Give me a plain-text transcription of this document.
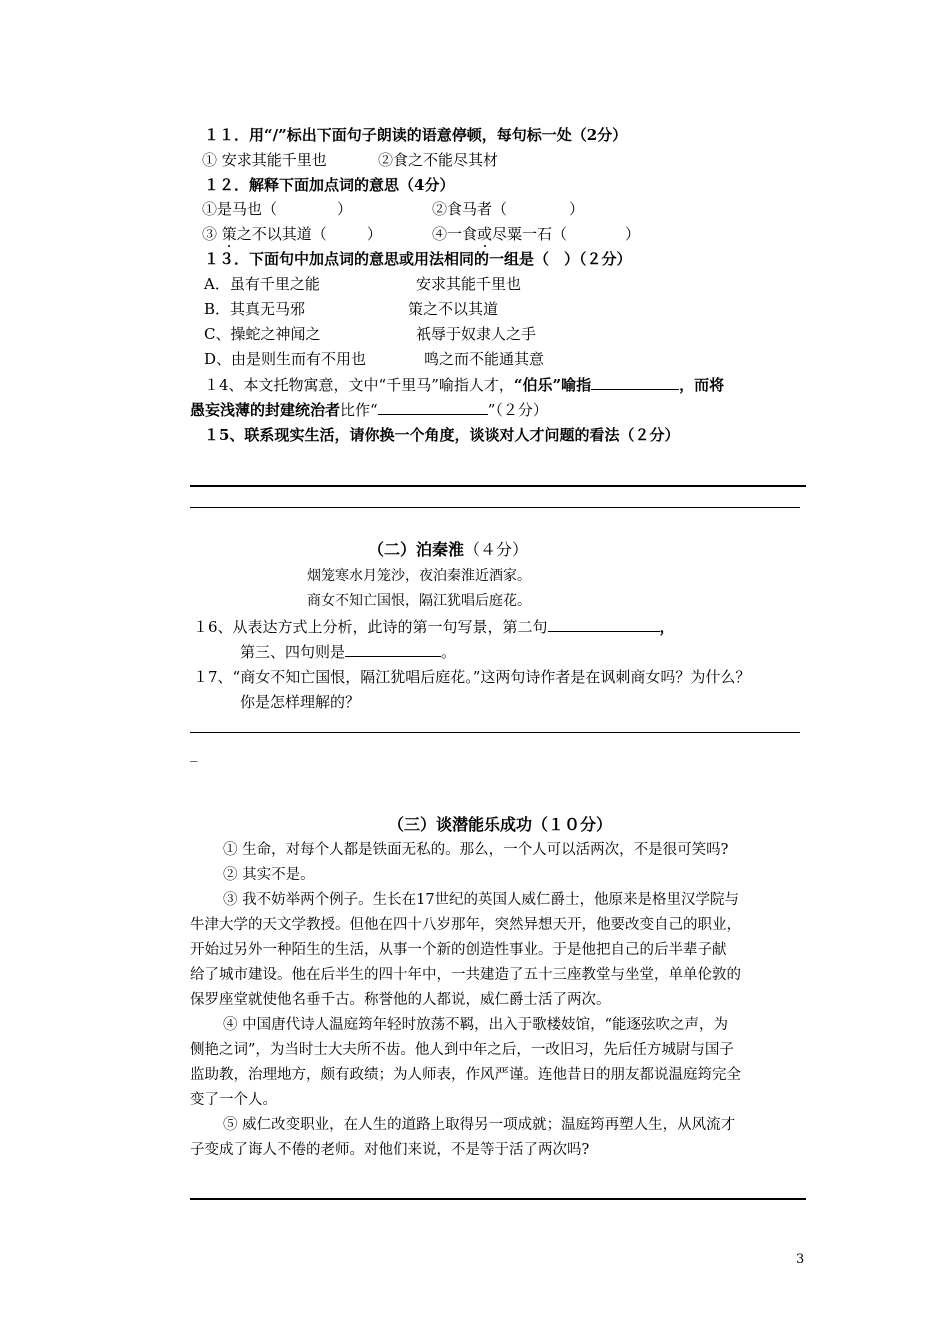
１１．用“/”标出下面句子朗读的语意停顿，每句标一处（2分）
① 安求其能千里也	②食之不能尽其材
１２．解释下面加点词的意思（4分）
①是马也（	）	②食马者（	）
③ 策之不以其道（	）	④一食或尽粟一石（	）
１３．下面句中加点词的意思或用法相同的一组是（　）（２分）
A．虽有千里之能	安求其能千里也
B．其真无马邪	策之不以其道
C、操蛇之神闻之	祇辱于奴隶人之手
D、由是则生而有不用也	鸣之而不能通其意
１4、本文托物寓意，文中“千里马”喻指人才，“伯乐”喻指	，而将
愚妄浅薄的封建统治者比作“	”（２分）
１5、联系现实生活，请你换一个角度，谈谈对人才问题的看法（２分）
（二）泊秦淮（４分）
烟笼寒水月笼沙，夜泊秦淮近酒家。
商女不知亡国恨，隔江犹唱后庭花。
１6、从表达方式上分析，此诗的第一句写景，第二句	，
第三、四句则是	。
１7、“商女不知亡国恨，隔江犹唱后庭花。”这两句诗作者是在讽刺商女吗？为什么？
你是怎样理解的？
_
（三）谈潜能乐成功（１０分）
① 生命，对每个人都是铁面无私的。那么，一个人可以活两次，不是很可笑吗?
② 其实不是。
③ 我不妨举两个例子。生长在17世纪的英国人威仁爵士，他原来是格里汉学院与
牛津大学的天文学教授。但他在四十八岁那年，突然异想天开，他要改变自己的职业，
开始过另外一种陌生的生活，从事一个新的创造性事业。于是他把自己的后半辈子献
给了城市建设。他在后半生的四十年中，一共建造了五十三座教堂与坐堂，单单伦敦的
保罗座堂就使他名垂千古。称誉他的人都说，威仁爵士活了两次。
④ 中国唐代诗人温庭筠年轻时放荡不羁，出入于歌楼妓馆，“能逐弦吹之声，为
侧艳之词”，为当时士大夫所不齿。他人到中年之后，一改旧习，先后任方城尉与国子
监助教，治理地方，颇有政绩；为人师表，作风严谨。连他昔日的朋友都说温庭筠完全
变了一个人。
⑤ 威仁改变职业，在人生的道路上取得另一项成就；温庭筠再塑人生，从风流才
子变成了诲人不倦的老师。对他们来说，不是等于活了两次吗?
3
